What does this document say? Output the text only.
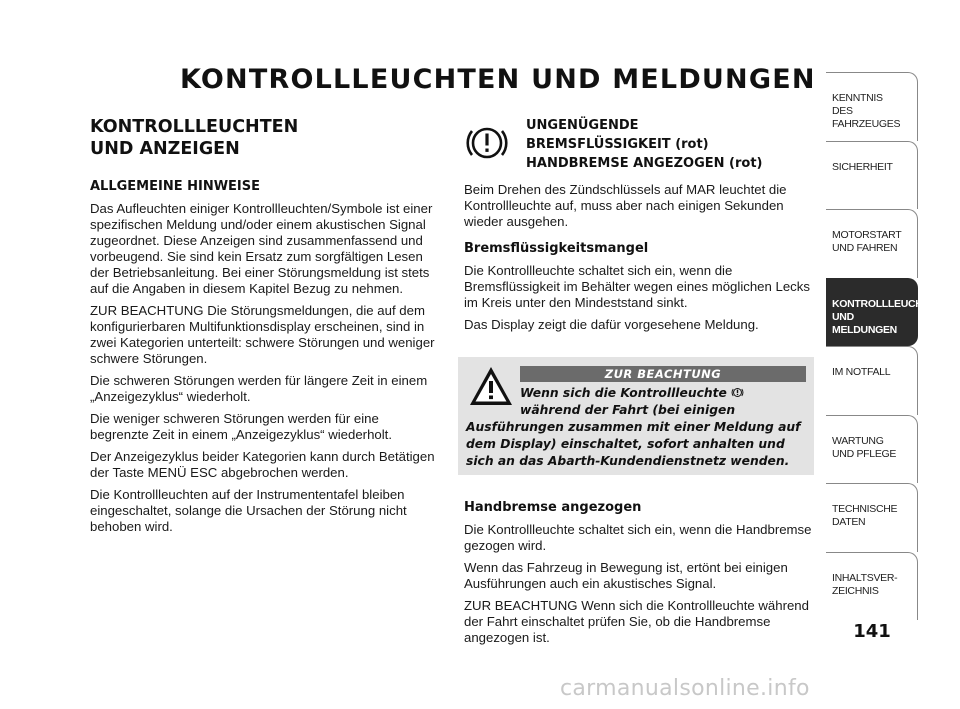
KONTROLLLEUCHTEN UND MELDUNGEN

KONTROLLLEUCHTEN
UND ANZEIGEN

ALLGEMEINE HINWEISE

Das Aufleuchten einiger Kontrollleuchten/Symbole ist einer spezifischen Meldung und/oder einem akustischen Signal zugeordnet. Diese Anzeigen sind zusammenfassend und vorbeugend. Sie sind kein Ersatz zum sorgfältigen Lesen der Betriebsanleitung. Bei einer Störungsmeldung ist stets auf die Angaben in diesem Kapitel Bezug zu nehmen.

ZUR BEACHTUNG Die Störungsmeldungen, die auf dem konfigurierbaren Multifunktionsdisplay erscheinen, sind in zwei Kategorien unterteilt: schwere Störungen und weniger schwere Störungen.

Die schweren Störungen werden für längere Zeit in einem „Anzeigezyklus“ wiederholt.

Die weniger schweren Störungen werden für eine begrenzte Zeit in einem „Anzeigezyklus“ wiederholt.

Der Anzeigezyklus beider Kategorien kann durch Betätigen der Taste MENÜ ESC abgebrochen werden.

Die Kontrollleuchten auf der Instrumententafel bleiben eingeschaltet, solange die Ursachen der Störung nicht behoben wird.

UNGENÜGENDE
BREMSFLÜSSIGKEIT (rot)
HANDBREMSE ANGEZOGEN (rot)

Beim Drehen des Zündschlüssels auf MAR leuchtet die Kontrollleuchte auf, muss aber nach einigen Sekunden wieder ausgehen.

Bremsflüssigkeitsmangel

Die Kontrollleuchte schaltet sich ein, wenn die Bremsflüssigkeit im Behälter wegen eines möglichen Lecks im Kreis unter den Mindeststand sinkt.

Das Display zeigt die dafür vorgesehene Meldung.

Handbremse angezogen

Die Kontrollleuchte schaltet sich ein, wenn die Handbremse gezogen wird.

Wenn das Fahrzeug in Bewegung ist, ertönt bei einigen Ausführungen auch ein akustisches Signal.

ZUR BEACHTUNG Wenn sich die Kontrollleuchte während der Fahrt einschaltet prüfen Sie, ob die Handbremse angezogen ist.

ZUR BEACHTUNG
Wenn sich die Kontrollleuchte
während der Fahrt (bei einigen
Ausführungen zusammen mit einer Meldung auf dem Display) einschaltet, sofort anhalten und sich an das Abarth-Kundendienstnetz wenden.
KENNTNIS
DES FAHRZEUGES
SICHERHEIT
MOTORSTART
UND FAHREN
KONTROLLLEUCHTEN
UND MELDUNGEN
IM NOTFALL
WARTUNG
UND PFLEGE
TECHNISCHE
DATEN
INHALTSVER-
ZEICHNIS
141
carmanualsonline.info
